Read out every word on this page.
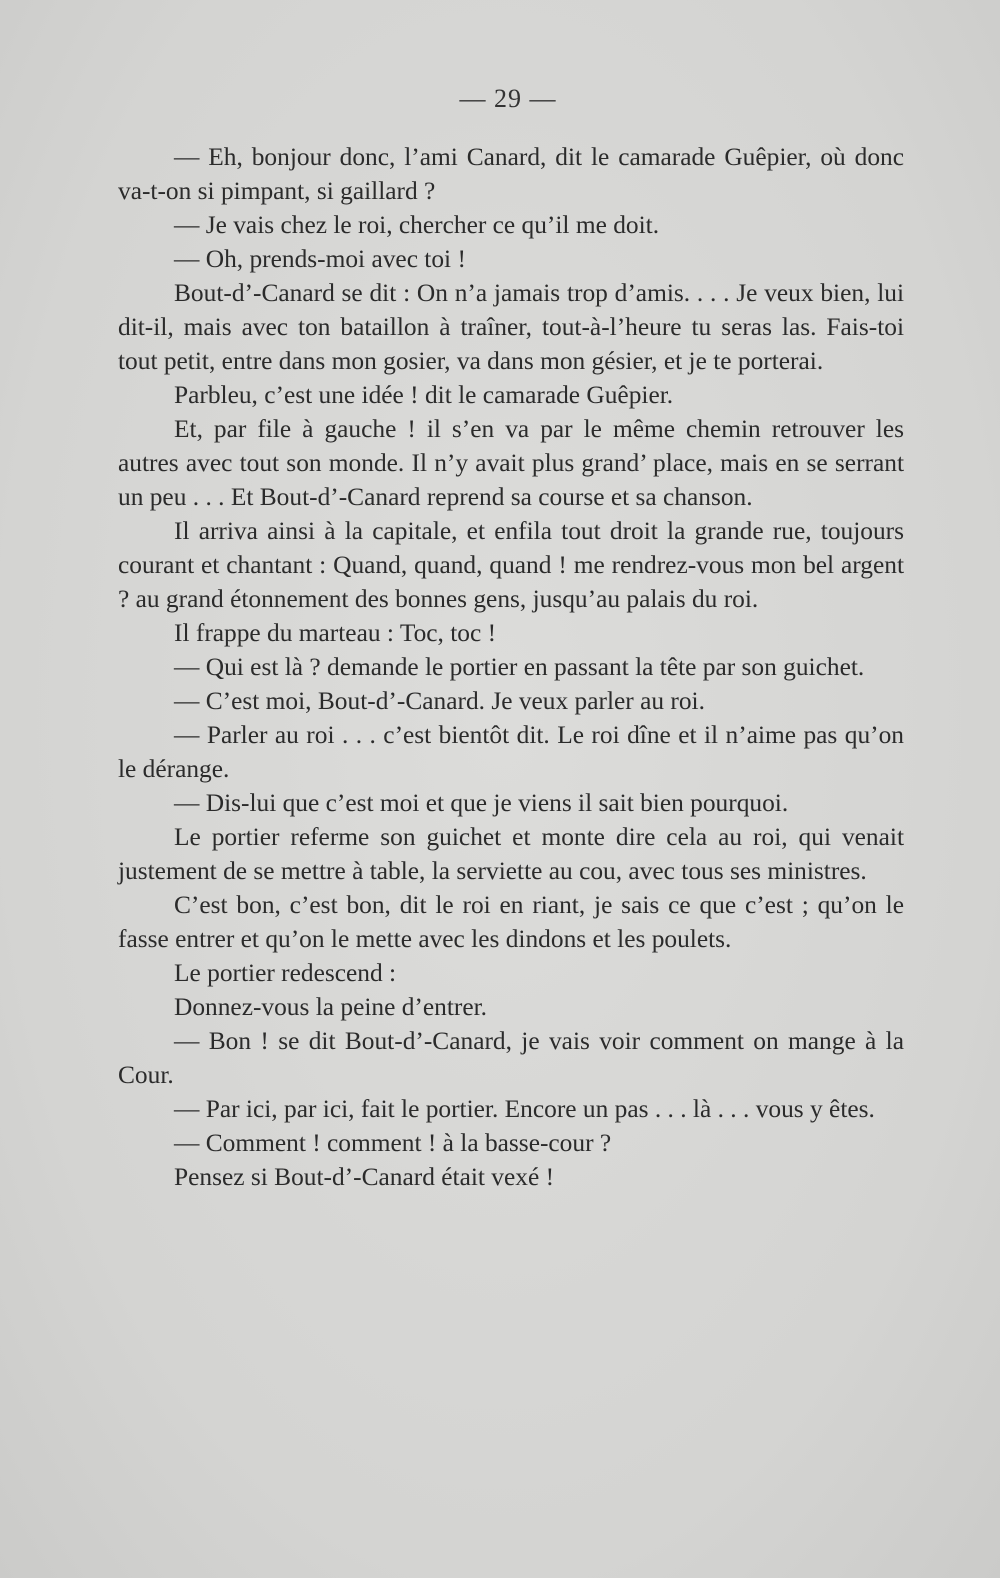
— 29 —

— Eh, bonjour donc, l’ami Canard, dit le camarade Guêpier, où donc va-t-on si pimpant, si gaillard ?

— Je vais chez le roi, chercher ce qu’il me doit.

— Oh, prends-moi avec toi !

Bout-d’-Canard se dit : On n’a jamais trop d’amis. . . . Je veux bien, lui dit-il, mais avec ton bataillon à traîner, tout-à-l’heure tu seras las. Fais-toi tout petit, entre dans mon gosier, va dans mon gésier, et je te porterai.

Parbleu, c’est une idée ! dit le camarade Guêpier.

Et, par file à gauche ! il s’en va par le même chemin retrouver les autres avec tout son monde. Il n’y avait plus grand’ place, mais en se serrant un peu . . . Et Bout-d’-Canard reprend sa course et sa chanson.

Il arriva ainsi à la capitale, et enfila tout droit la grande rue, toujours courant et chantant : Quand, quand, quand ! me rendrez-vous mon bel argent ? au grand étonnement des bonnes gens, jusqu’au palais du roi.

Il frappe du marteau : Toc, toc !

— Qui est là ? demande le portier en passant la tête par son guichet.

— C’est moi, Bout-d’-Canard. Je veux parler au roi.

— Parler au roi . . . c’est bientôt dit. Le roi dîne et il n’aime pas qu’on le dérange.

— Dis-lui que c’est moi et que je viens il sait bien pourquoi.

Le portier referme son guichet et monte dire cela au roi, qui venait justement de se mettre à table, la serviette au cou, avec tous ses ministres.

C’est bon, c’est bon, dit le roi en riant, je sais ce que c’est ; qu’on le fasse entrer et qu’on le mette avec les dindons et les poulets.

Le portier redescend :

Donnez-vous la peine d’entrer.

— Bon ! se dit Bout-d’-Canard, je vais voir comment on mange à la Cour.

— Par ici, par ici, fait le portier. Encore un pas . . . là . . . vous y êtes.

— Comment ! comment ! à la basse-cour ?

Pensez si Bout-d’-Canard était vexé !
